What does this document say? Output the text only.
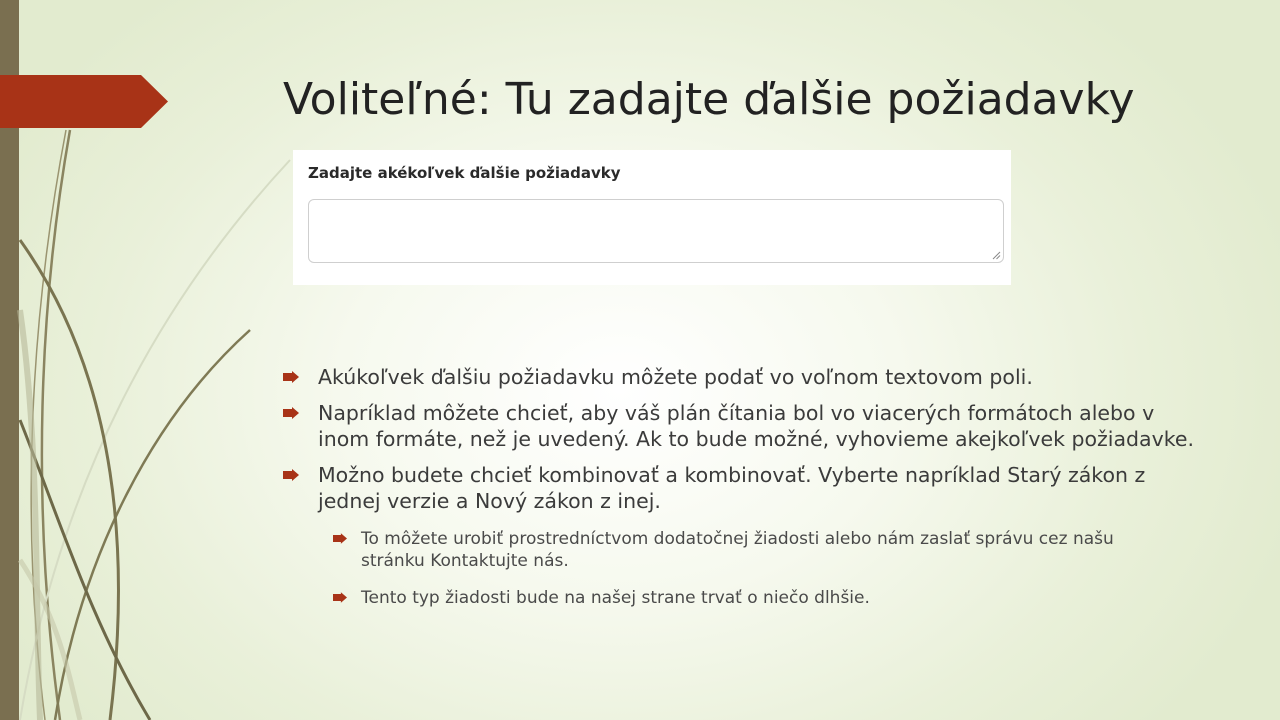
Voliteľné: Tu zadajte ďalšie požiadavky
Zadajte akékoľvek ďalšie požiadavky
Akúkoľvek ďalšiu požiadavku môžete podať vo voľnom textovom poli.
Napríklad môžete chcieť, aby váš plán čítania bol vo viacerých formátoch alebo v inom formáte, než je uvedený. Ak to bude možné, vyhovieme akejkoľvek požiadavke.
Možno budete chcieť kombinovať a kombinovať. Vyberte napríklad Starý zákon z jednej verzie a Nový zákon z inej.
To môžete urobiť prostredníctvom dodatočnej žiadosti alebo nám zaslať správu cez našu stránku Kontaktujte nás.
Tento typ žiadosti bude na našej strane trvať o niečo dlhšie.
